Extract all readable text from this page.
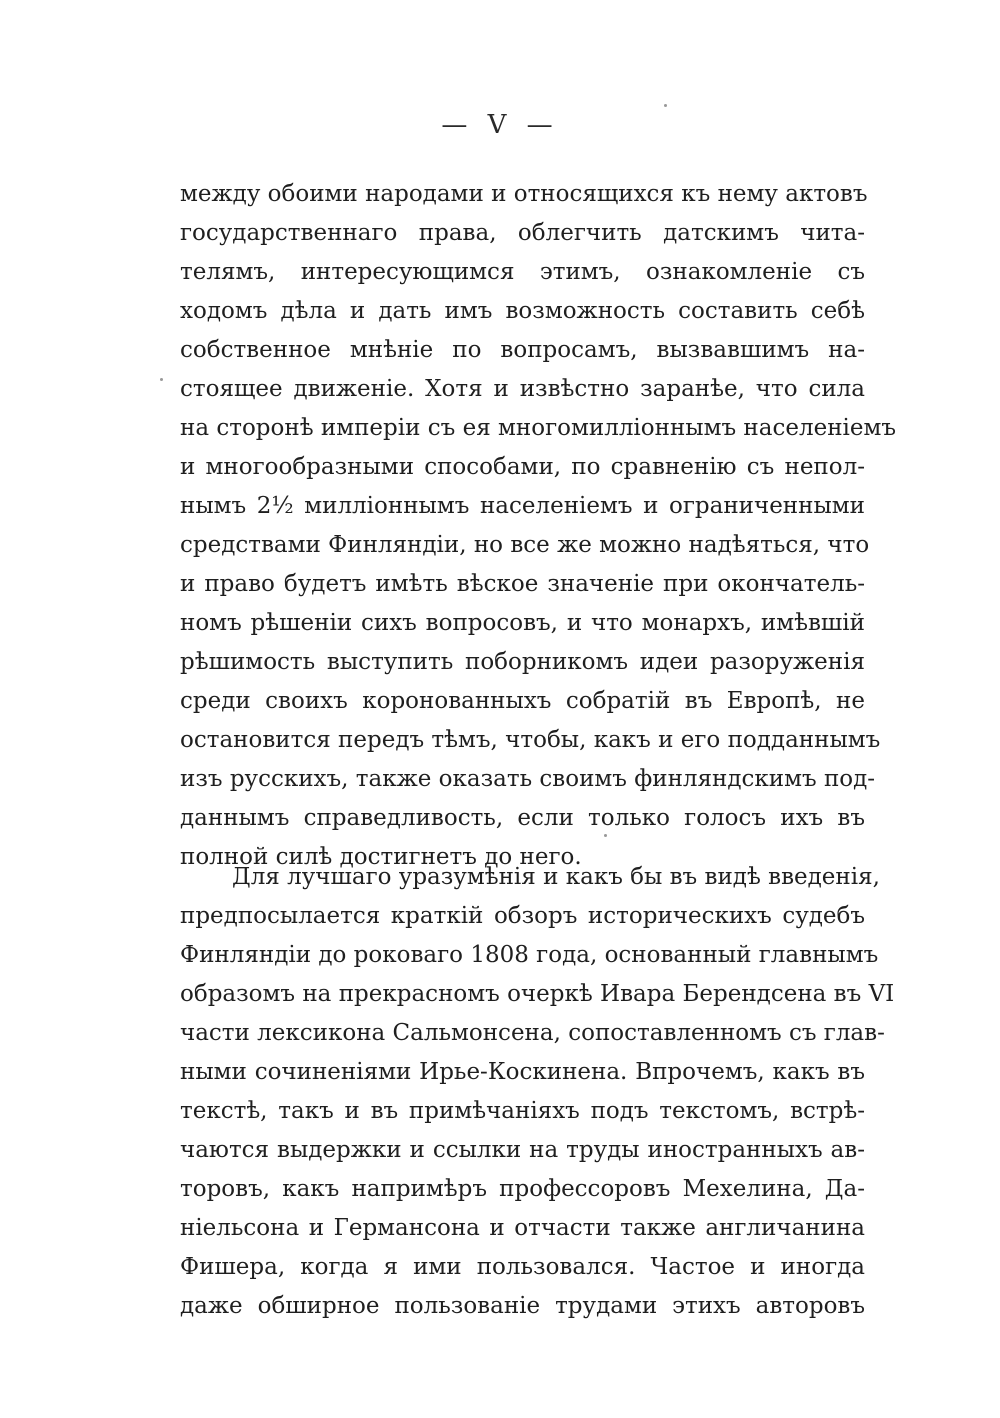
— V —
между обоими народами и относящихся къ нему актовъ
государственнаго права, облегчить датскимъ чита-
телямъ, интересующимся этимъ, ознакомленіе съ
ходомъ дѣла и дать имъ возможность составить себѣ
собственное мнѣніе по вопросамъ, вызвавшимъ на-
стоящее движеніе. Хотя и извѣстно заранѣе, что сила
на сторонѣ имперіи съ ея многомилліоннымъ населеніемъ
и многообразными способами, по сравненію съ непол-
нымъ 2½ милліоннымъ населеніемъ и ограниченными
средствами Финляндіи, но все же можно надѣяться, что
и право будетъ имѣть вѣское значеніе при окончатель-
номъ рѣшеніи сихъ вопросовъ, и что монархъ, имѣвшій
рѣшимость выступить поборникомъ идеи разоруженія
среди своихъ коронованныхъ собратій въ Европѣ, не
остановится передъ тѣмъ, чтобы, какъ и его подданнымъ
изъ русскихъ, также оказать своимъ финляндскимъ под-
даннымъ справедливость, если только голосъ ихъ въ
полной силѣ достигнетъ до него.
Для лучшаго уразумѣнія и какъ бы въ видѣ введенія,
предпосылается краткій обзоръ историческихъ судебъ
Финляндіи до роковаго 1808 года, основанный главнымъ
образомъ на прекрасномъ очеркѣ Ивара Берендсена въ VI
части лексикона Сальмонсена, сопоставленномъ съ глав-
ными сочиненіями Ирье-Коскинена. Впрочемъ, какъ въ
текстѣ, такъ и въ примѣчаніяхъ подъ текстомъ, встрѣ-
чаются выдержки и ссылки на труды иностранныхъ ав-
торовъ, какъ напримѣръ профессоровъ Мехелина, Да-
ніельсона и Германсона и отчасти также англичанина
Фишера, когда я ими пользовался. Частое и иногда
даже обширное пользованіе трудами этихъ авторовъ
